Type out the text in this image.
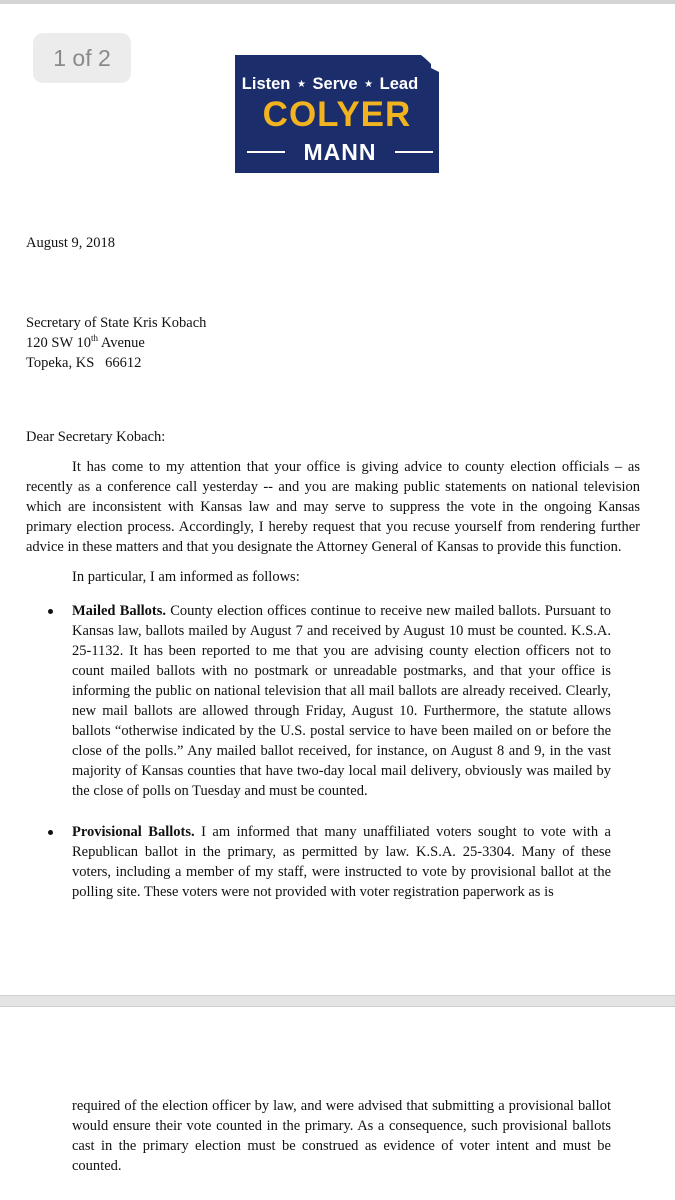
1 of 2
Listen ★ Serve ★ Lead
COLYER
MANN
August 9, 2018
Secretary of State Kris Kobach
120 SW 10th Avenue
Topeka, KS   66612
Dear Secretary Kobach:
It has come to my attention that your office is giving advice to county election officials – as recently as a conference call yesterday -- and you are making public statements on national television which are inconsistent with Kansas law and may serve to suppress the vote in the ongoing Kansas primary election process. Accordingly, I hereby request that you recuse yourself from rendering further advice in these matters and that you designate the Attorney General of Kansas to provide this function.
In particular, I am informed as follows:
Mailed Ballots. County election offices continue to receive new mailed ballots. Pursuant to Kansas law, ballots mailed by August 7 and received by August 10 must be counted. K.S.A. 25-1132. It has been reported to me that you are advising county election officers not to count mailed ballots with no postmark or unreadable postmarks, and that your office is informing the public on national television that all mail ballots are already received. Clearly, new mail ballots are allowed through Friday, August 10. Furthermore, the statute allows ballots “otherwise indicated by the U.S. postal service to have been mailed on or before the close of the polls.” Any mailed ballot received, for instance, on August 8 and 9, in the vast majority of Kansas counties that have two-day local mail delivery, obviously was mailed by the close of polls on Tuesday and must be counted.
Provisional Ballots. I am informed that many unaffiliated voters sought to vote with a Republican ballot in the primary, as permitted by law. K.S.A. 25-3304. Many of these voters, including a member of my staff, were instructed to vote by provisional ballot at the polling site. These voters were not provided with voter registration paperwork as is
required of the election officer by law, and were advised that submitting a provisional ballot would ensure their vote counted in the primary. As a consequence, such provisional ballots cast in the primary election must be construed as evidence of voter intent and must be counted.
